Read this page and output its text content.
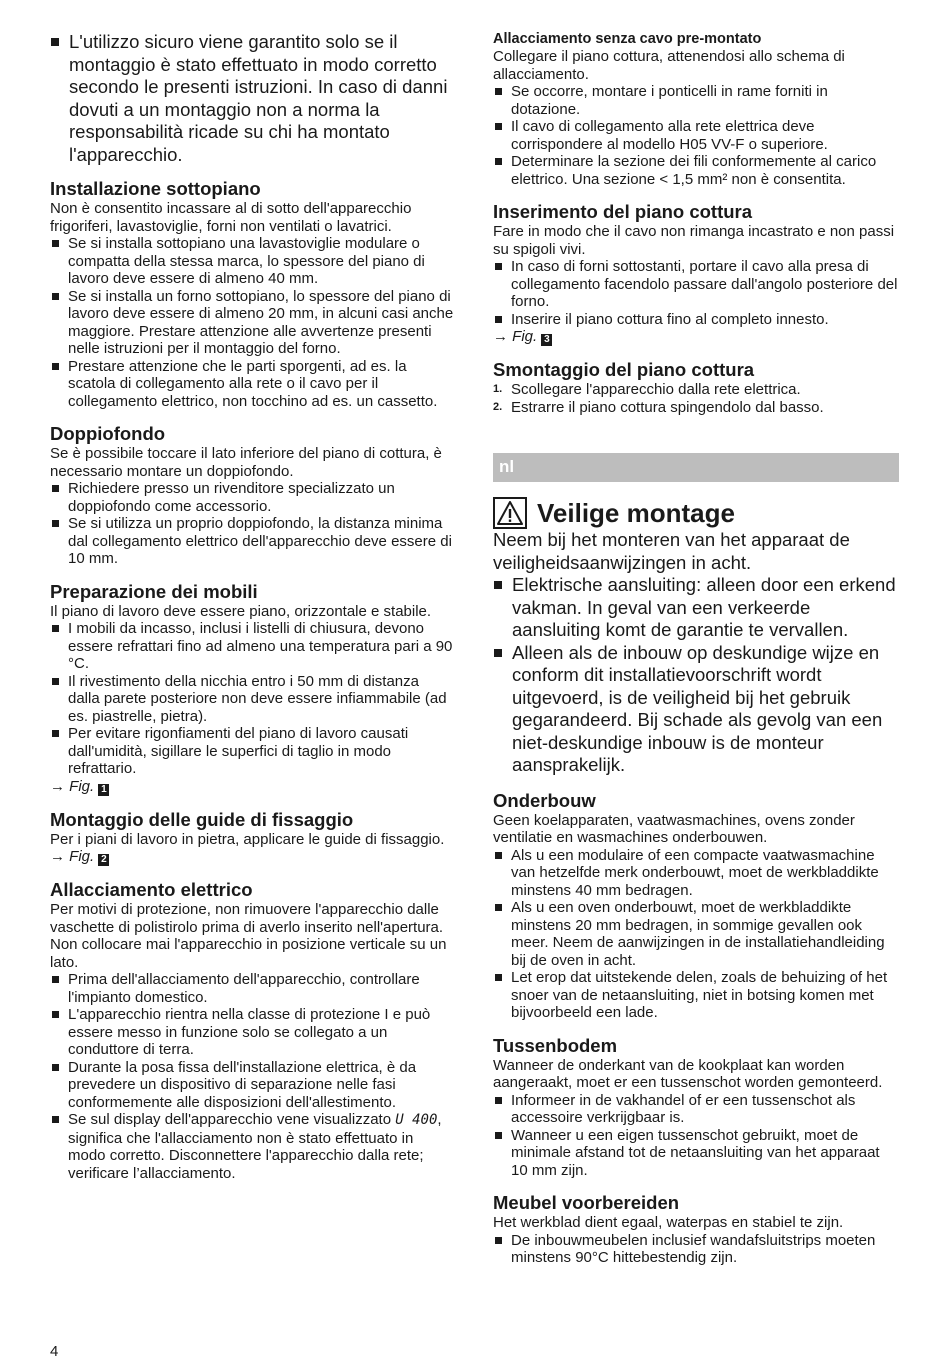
L'utilizzo sicuro viene garantito solo se il montaggio è stato effettuato in modo corretto secondo le presenti istruzioni. In caso di danni dovuti a un montaggio non a norma la responsabilità ricade su chi ha montato l'apparecchio.
Installazione sottopiano

Non è consentito incassare al di sotto dell'apparecchio frigoriferi, lavastoviglie, forni non ventilati o lavatrici.

Se si installa sottopiano una lavastoviglie modulare o compatta della stessa marca, lo spessore del piano di lavoro deve essere di almeno 40 mm.
Se si installa un forno sottopiano, lo spessore del piano di lavoro deve essere di almeno 20 mm, in alcuni casi anche maggiore. Prestare attenzione alle avvertenze presenti nelle istruzioni per il montaggio del forno.
Prestare attenzione che le parti sporgenti, ad es. la scatola di collegamento alla rete o il cavo per il collegamento elettrico, non tocchino ad es. un cassetto.
Doppiofondo

Se è possibile toccare il lato inferiore del piano di cottura, è necessario montare un doppiofondo.

Richiedere presso un rivenditore specializzato un doppiofondo come accessorio.
Se si utilizza un proprio doppiofondo, la distanza minima dal collegamento elettrico dell'apparecchio deve essere di 10 mm.
Preparazione dei mobili

Il piano di lavoro deve essere piano, orizzontale e stabile.

I mobili da incasso, inclusi i listelli di chiusura, devono essere refrattari fino ad almeno una temperatura pari a 90 °C.
Il rivestimento della nicchia entro i 50 mm di distanza dalla parete posteriore non deve essere infiammabile (ad es. piastrelle, pietra).
Per evitare rigonfiamenti del piano di lavoro causati dall'umidità, sigillare le superfici di taglio in modo refrattario.

→ Fig. 1

Montaggio delle guide di fissaggio

Per i piani di lavoro in pietra, applicare le guide di fissaggio.

→ Fig. 2

Allacciamento elettrico

Per motivi di protezione, non rimuovere l'apparecchio dalle vaschette di polistirolo prima di averlo inserito nell'apertura. Non collocare mai l'apparecchio in posizione verticale su un lato.

Prima dell'allacciamento dell'apparecchio, controllare l'impianto domestico.
L'apparecchio rientra nella classe di protezione I e può essere messo in funzione solo se collegato a un conduttore di terra.
Durante la posa fissa dell'installazione elettrica, è da prevedere un dispositivo di separazione nelle fasi conformemente alle disposizioni dell'allestimento.
Se sul display dell'apparecchio vene visualizzato U 400, significa che l'allacciamento non è stato effettuato in modo corretto. Disconnettere l'apparecchio dalla rete; verificare l’allacciamento.
Allacciamento senza cavo pre-montato

Collegare il piano cottura, attenendosi allo schema di allacciamento.

Se occorre, montare i ponticelli in rame forniti in dotazione.
Il cavo di collegamento alla rete elettrica deve corrispondere al modello H05 VV-F o superiore.
Determinare la sezione dei fili conformemente al carico elettrico. Una sezione < 1,5 mm² non è consentita.
Inserimento del piano cottura

Fare in modo che il cavo non rimanga incastrato e non passi su spigoli vivi.

In caso di forni sottostanti, portare il cavo alla presa di collegamento facendolo passare dall'angolo posteriore del forno.
Inserire il piano cottura fino al completo innesto.

→ Fig. 3

Smontaggio del piano cottura
1. Scollegare l'apparecchio dalla rete elettrica.
2. Estrarre il piano cottura spingendolo dal basso.
nl
Veilige montage

Neem bij het monteren van het apparaat de veiligheidsaanwijzingen in acht.

Elektrische aansluiting: alleen door een erkend vakman. In geval van een verkeerde aansluiting komt de garantie te vervallen.
Alleen als de inbouw op deskundige wijze en conform dit installatievoorschrift wordt uitgevoerd, is de veiligheid bij het gebruik gegarandeerd. Bij schade als gevolg van een niet-deskundige inbouw is de monteur aansprakelijk.
Onderbouw

Geen koelapparaten, vaatwasmachines, ovens zonder ventilatie en wasmachines onderbouwen.

Als u een modulaire of een compacte vaatwasmachine van hetzelfde merk onderbouwt, moet de werkbladdikte minstens 40 mm bedragen.
Als u een oven onderbouwt, moet de werkbladdikte minstens 20 mm bedragen, in sommige gevallen ook meer. Neem de aanwijzingen in de installatiehandleiding bij de oven in acht.
Let erop dat uitstekende delen, zoals de behuizing of het snoer van de netaansluiting, niet in botsing komen met bijvoorbeeld een lade.
Tussenbodem

Wanneer de onderkant van de kookplaat kan worden aangeraakt, moet er een tussenschot worden gemonteerd.

Informeer in de vakhandel of er een tussenschot als accessoire verkrijgbaar is.
Wanneer u een eigen tussenschot gebruikt, moet de minimale afstand tot de netaansluiting van het apparaat 10 mm zijn.
Meubel voorbereiden

Het werkblad dient egaal, waterpas en stabiel te zijn.

De inbouwmeubelen inclusief wandafsluitstrips moeten minstens 90°C hittebestendig zijn.
4
